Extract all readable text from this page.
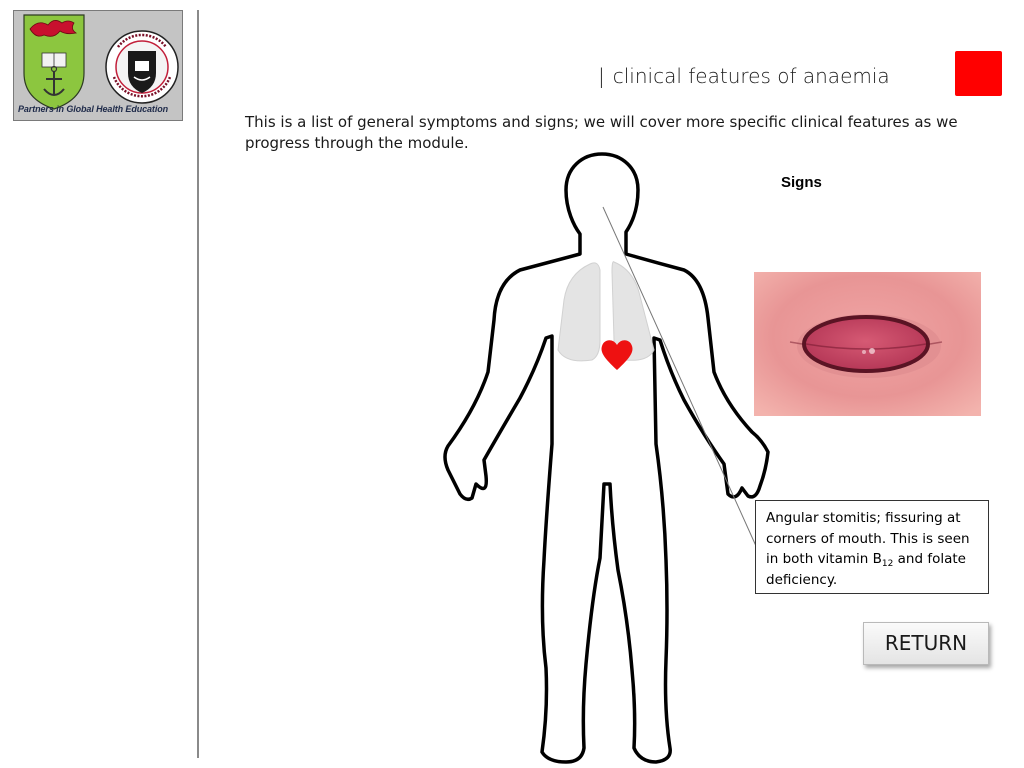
Partners in Global Health Education
| clinical features of anaemia
This is a list of general symptoms and signs; we will cover more specific clinical features as we progress through the module.
Signs
Angular stomitis; fissuring at corners of mouth. This is seen in both vitamin $B_{12}$ and folate deficiency.
RETURN
